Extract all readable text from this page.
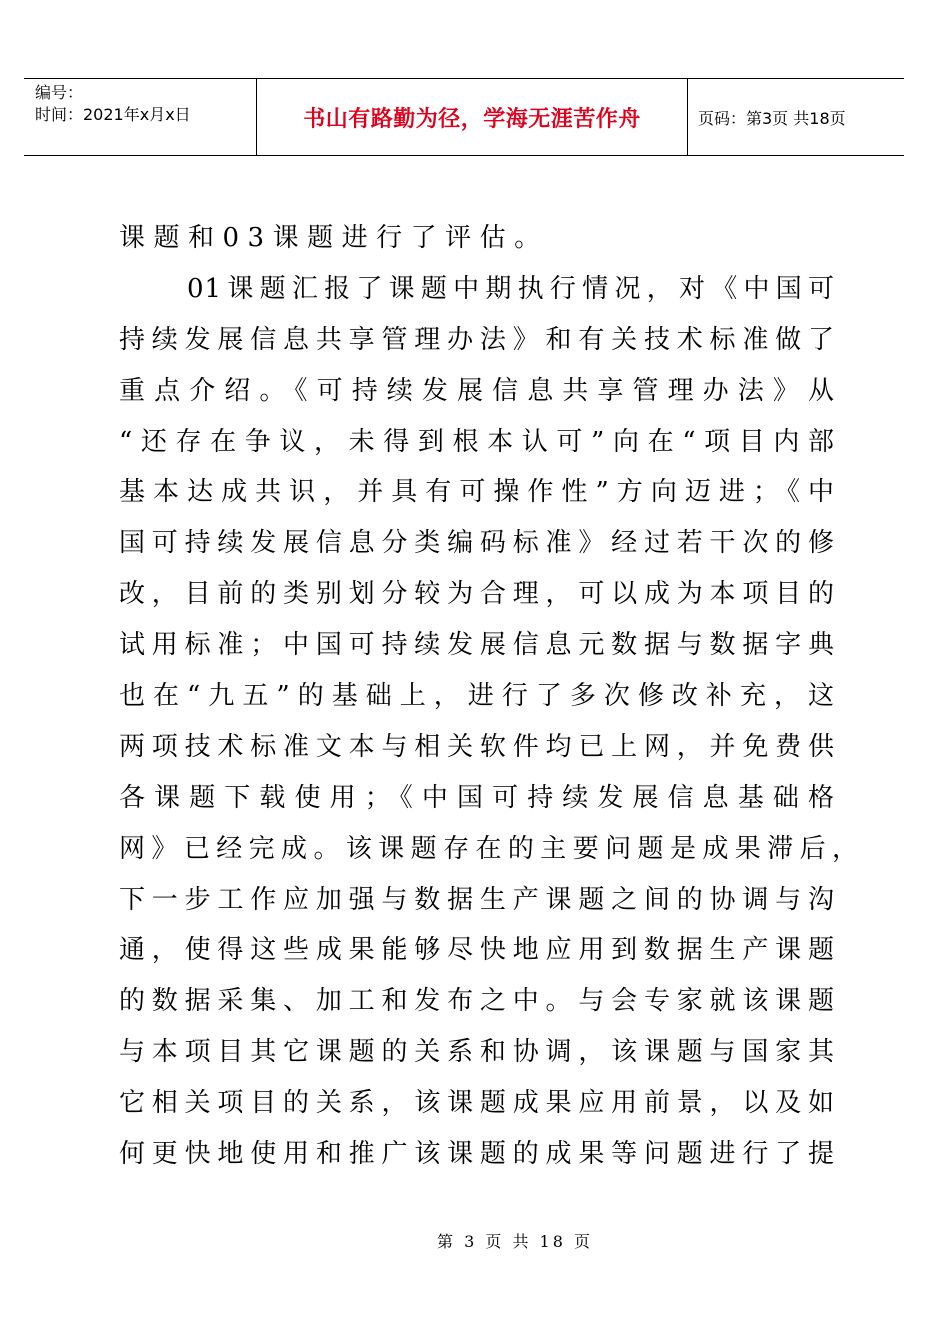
编号：
时间：2021年x月x日	书山有路勤为径，学海无涯苦作舟	页码：第3页 共18页
课题和03课题进行了评估。
01课题汇报了课题中期执行情况，对《中国可
持续发展信息共享管理办法》和有关技术标准做了
重点介绍。《可持续发展信息共享管理办法》从
“还存在争议，未得到根本认可”向在“项目内部
基本达成共识，并具有可操作性”方向迈进；《中
国可持续发展信息分类编码标准》经过若干次的修
改，目前的类别划分较为合理，可以成为本项目的
试用标准；中国可持续发展信息元数据与数据字典
也在“九五”的基础上，进行了多次修改补充，这
两项技术标准文本与相关软件均已上网，并免费供
各课题下载使用；《中国可持续发展信息基础格
网》已经完成。该课题存在的主要问题是成果滞后，
下一步工作应加强与数据生产课题之间的协调与沟
通，使得这些成果能够尽快地应用到数据生产课题
的数据采集、加工和发布之中。与会专家就该课题
与本项目其它课题的关系和协调，该课题与国家其
它相关项目的关系，该课题成果应用前景，以及如
何更快地使用和推广该课题的成果等问题进行了提
第 3 页 共 18 页
